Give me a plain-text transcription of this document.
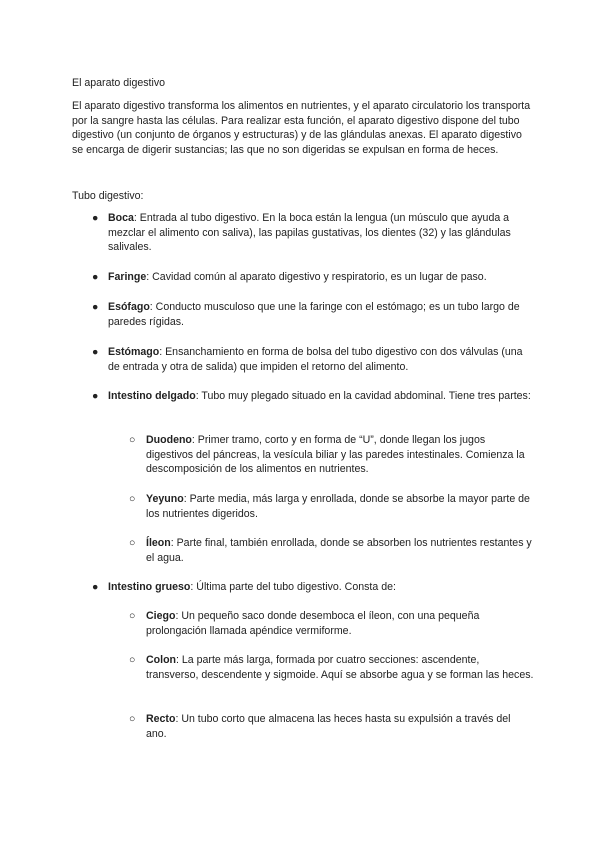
El aparato digestivo

El aparato digestivo transforma los alimentos en nutrientes, y el aparato circulatorio los transporta por la sangre hasta las células. Para realizar esta función, el aparato digestivo dispone del tubo digestivo (un conjunto de órganos y estructuras) y de las glándulas anexas. El aparato digestivo se encarga de digerir sustancias; las que no son digeridas se expulsan en forma de heces.

Tubo digestivo:

● Boca: Entrada al tubo digestivo. En la boca están la lengua (un músculo que ayuda a mezclar el alimento con saliva), las papilas gustativas, los dientes (32) y las glándulas salivales.
● Faringe: Cavidad común al aparato digestivo y respiratorio, es un lugar de paso.
● Esófago: Conducto musculoso que une la faringe con el estómago; es un tubo largo de paredes rígidas.
● Estómago: Ensanchamiento en forma de bolsa del tubo digestivo con dos válvulas (una de entrada y otra de salida) que impiden el retorno del alimento.
● Intestino delgado: Tubo muy plegado situado en la cavidad abdominal. Tiene tres partes:
○ Duodeno: Primer tramo, corto y en forma de “U”, donde llegan los jugos digestivos del páncreas, la vesícula biliar y las paredes intestinales. Comienza la descomposición de los alimentos en nutrientes.
○ Yeyuno: Parte media, más larga y enrollada, donde se absorbe la mayor parte de los nutrientes digeridos.
○ Íleon: Parte final, también enrollada, donde se absorben los nutrientes restantes y el agua.
● Intestino grueso: Última parte del tubo digestivo. Consta de:
○ Ciego: Un pequeño saco donde desemboca el íleon, con una pequeña prolongación llamada apéndice vermiforme.
○ Colon: La parte más larga, formada por cuatro secciones: ascendente, transverso, descendente y sigmoide. Aquí se absorbe agua y se forman las heces.
○ Recto: Un tubo corto que almacena las heces hasta su expulsión a través del ano.
